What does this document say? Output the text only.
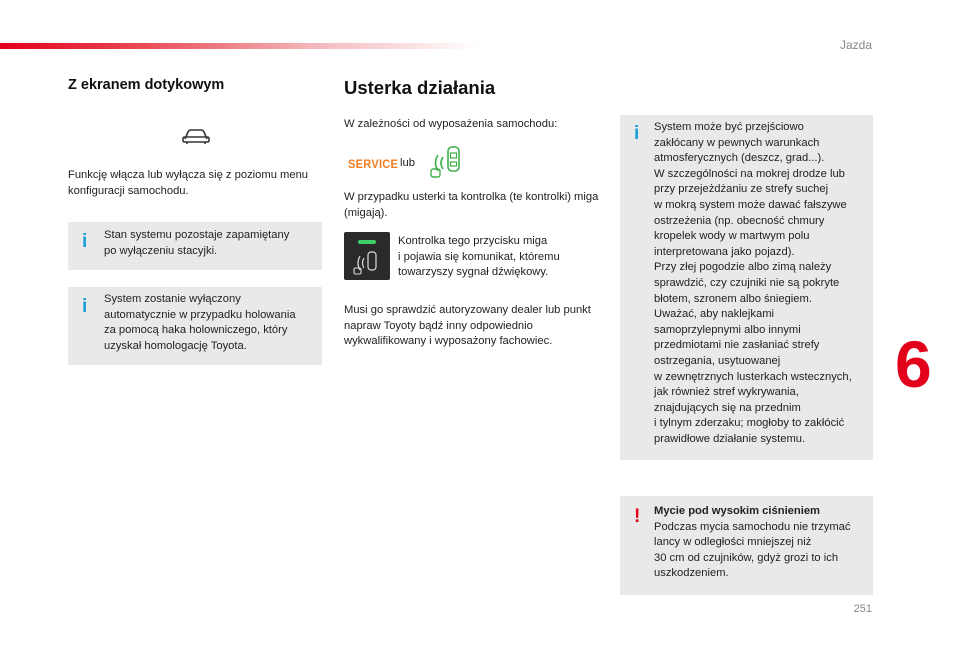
Jazda
Z ekranem dotykowym

Funkcję włącza lub wyłącza się z poziomu menu konfiguracji samochodu.

i Stan systemu pozostaje zapamiętany
po wyłączeniu stacyjki.

i System zostanie wyłączony
automatycznie w przypadku holowania
za pomocą haka holowniczego, który
uzyskał homologację Toyota.

Usterka działania

W zależności od wyposażenia samochodu:

SERVICE lub

W przypadku usterki ta kontrolka (te kontrolki) miga (migają).

Kontrolka tego przycisku miga
i pojawia się komunikat, któremu
towarzyszy sygnał dźwiękowy.

Musi go sprawdzić autoryzowany dealer lub punkt napraw Toyoty bądź inny odpowiednio wykwalifikowany i wyposażony fachowiec.

i System może być przejściowo
zakłócany w pewnych warunkach
atmosferycznych (deszcz, grad...).
W szczególności na mokrej drodze lub
przy przejeżdżaniu ze strefy suchej
w mokrą system może dawać fałszywe
ostrzeżenia (np. obecność chmury
kropelek wody w martwym polu
interpretowana jako pojazd).
Przy złej pogodzie albo zimą należy
sprawdzić, czy czujniki nie są pokryte
błotem, szronem albo śniegiem.
Uważać, aby naklejkami
samoprzylepnymi albo innymi
przedmiotami nie zasłaniać strefy
ostrzegania, usytuowanej
w zewnętrznych lusterkach wstecznych,
jak również stref wykrywania,
znajdujących się na przednim
i tylnym zderzaku; mogłoby to zakłócić
prawidłowe działanie systemu.

! Mycie pod wysokim ciśnieniem

Podczas mycia samochodu nie trzymać
lancy w odległości mniejszej niż
30 cm od czujników, gdyż grozi to ich
uszkodzeniem.

6
251
